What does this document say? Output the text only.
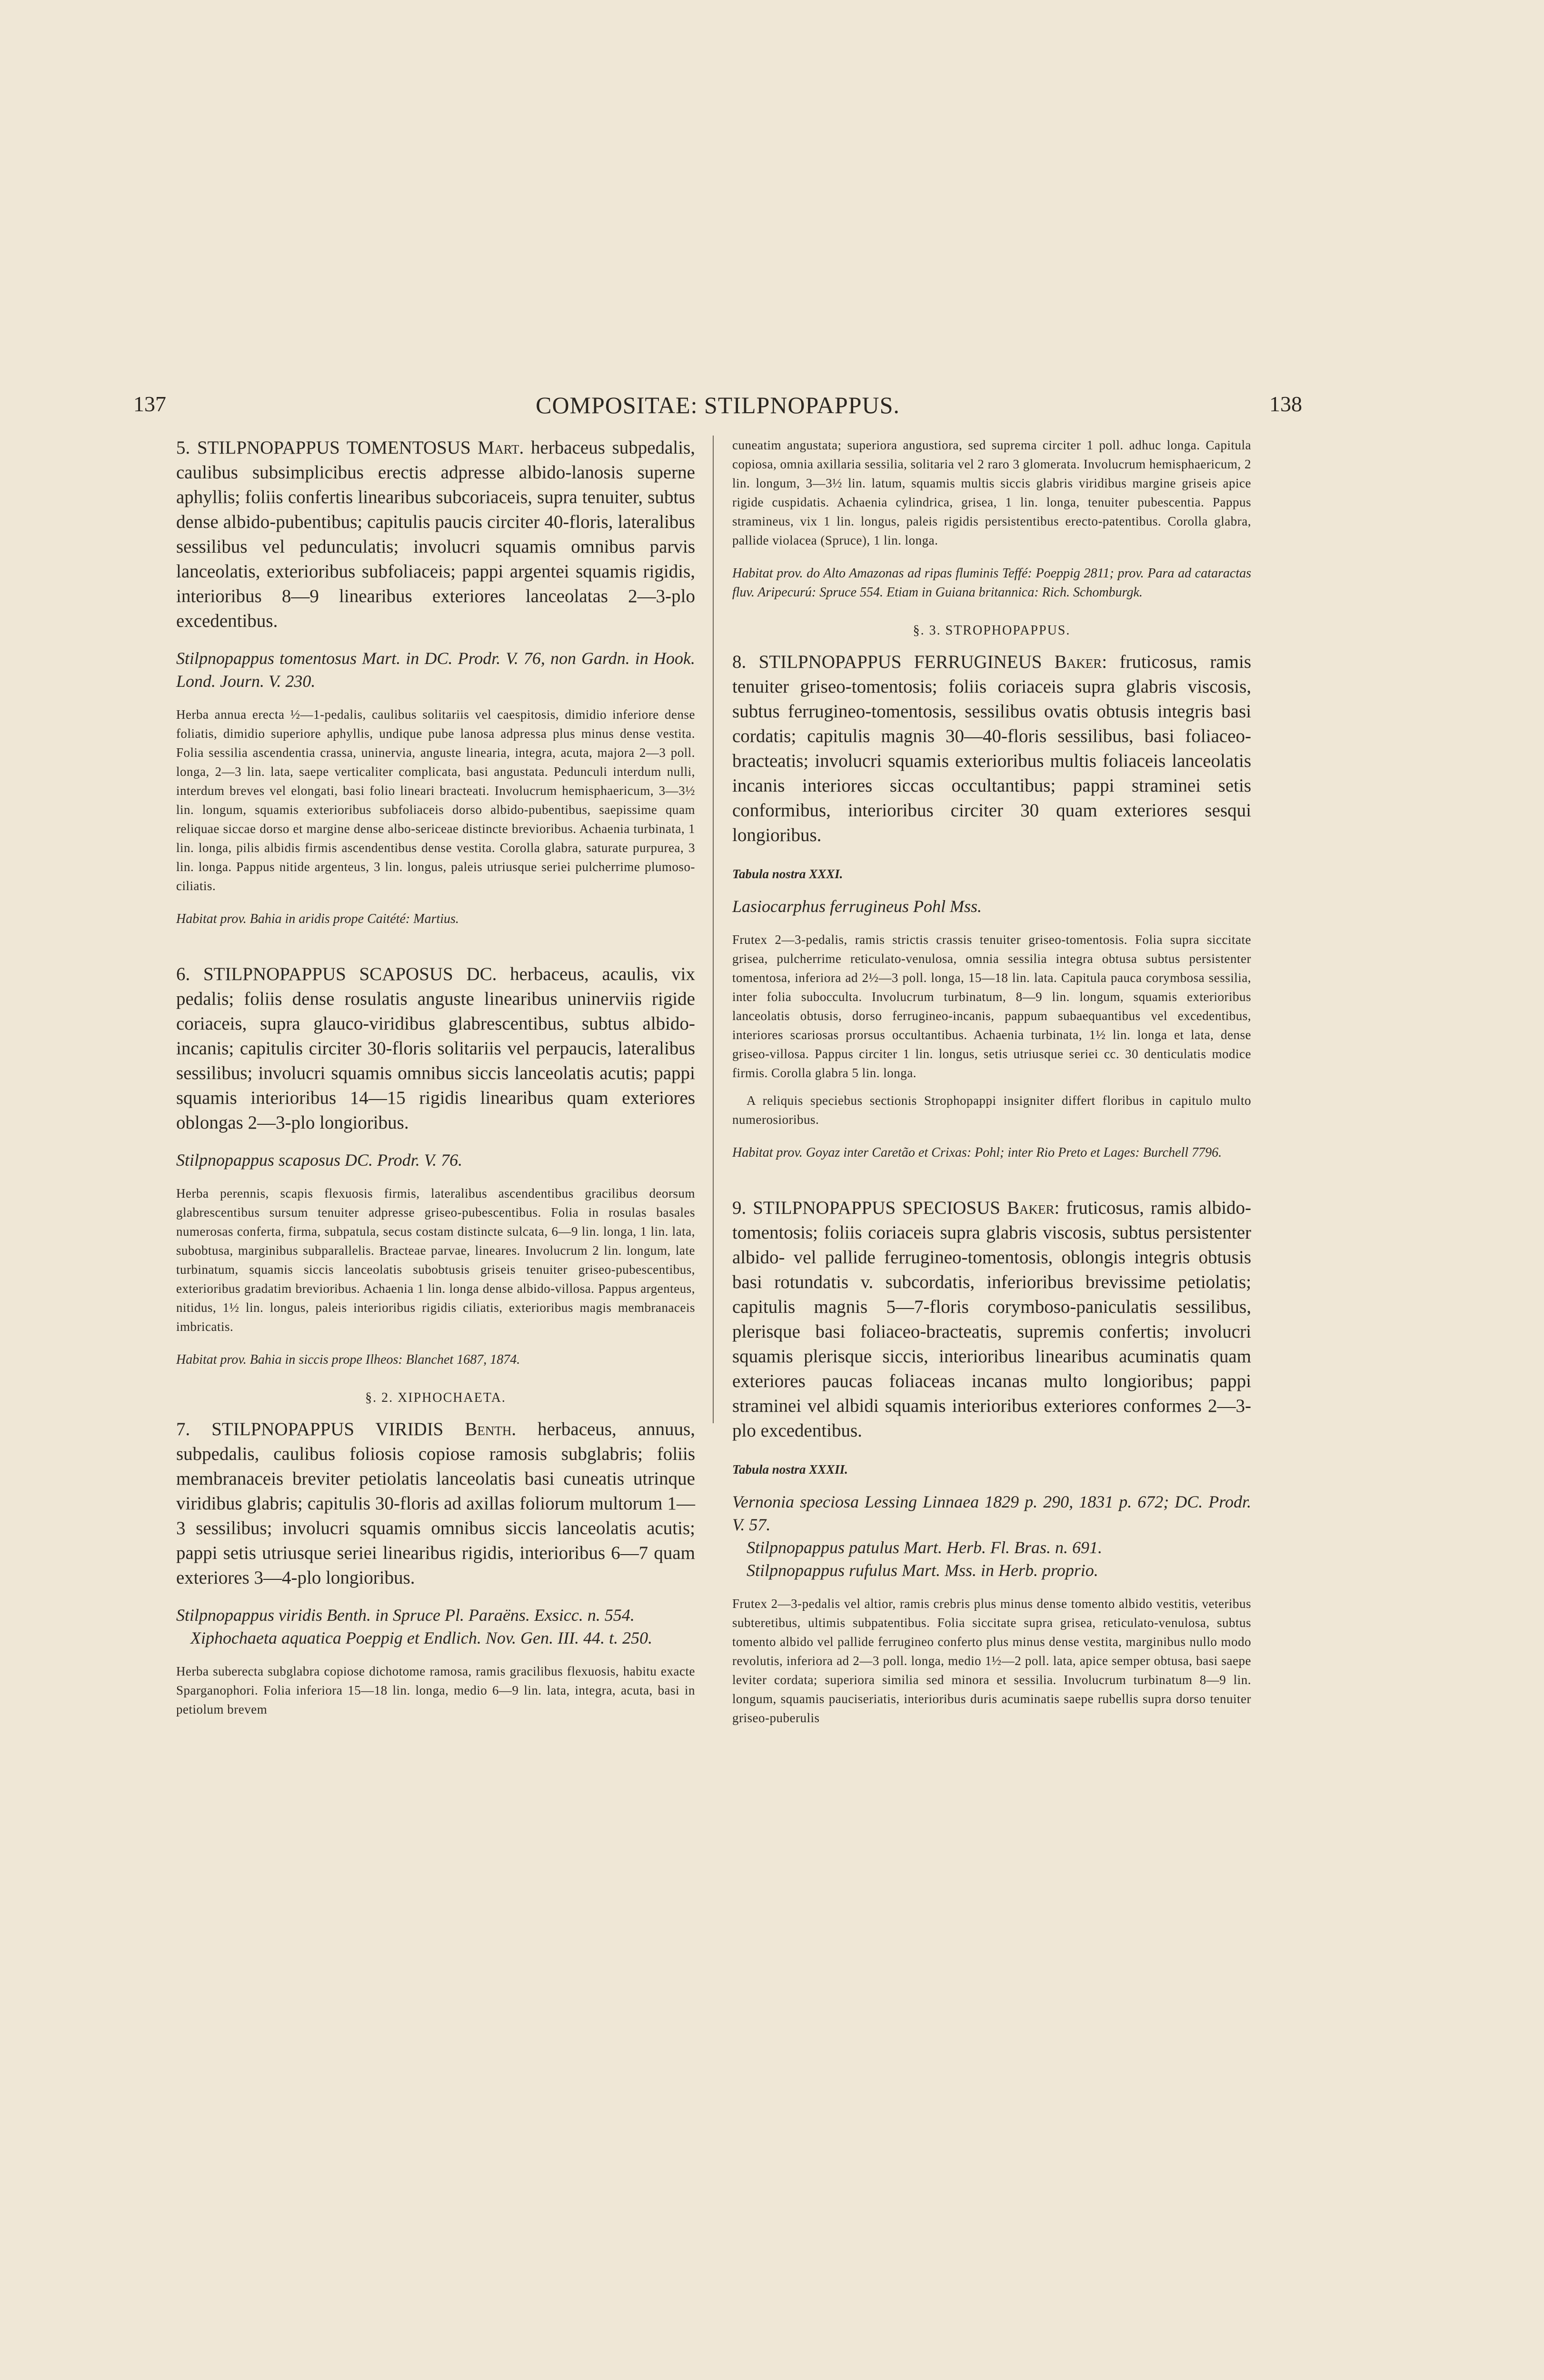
137	COMPOSITAE: STILPNOPAPPUS.	138

5. STILPNOPAPPUS TOMENTOSUS Mart. herbaceus subpedalis, caulibus subsimplicibus erectis adpresse albido-lanosis superne aphyllis; foliis confertis linearibus subcoriaceis, supra tenuiter, subtus dense albido-pubentibus; capitulis paucis circiter 40-floris, lateralibus sessilibus vel pedunculatis; involucri squamis omnibus parvis lanceolatis, exterioribus subfoliaceis; pappi argentei squamis rigidis, interioribus 8—9 linearibus exteriores lanceolatas 2—3-plo excedentibus.

Stilpnopappus tomentosus Mart. in DC. Prodr. V. 76, non Gardn. in Hook. Lond. Journ. V. 230.

Herba annua erecta ½—1-pedalis, caulibus solitariis vel caespitosis, dimidio inferiore dense foliatis, dimidio superiore aphyllis, undique pube lanosa adpressa plus minus dense vestita. Folia sessilia ascendentia crassa, uninervia, anguste linearia, integra, acuta, majora 2—3 poll. longa, 2—3 lin. lata, saepe verticaliter complicata, basi angustata. Pedunculi interdum nulli, interdum breves vel elongati, basi folio lineari bracteati. Involucrum hemisphaericum, 3—3½ lin. longum, squamis exterioribus subfoliaceis dorso albido-pubentibus, saepissime quam reliquae siccae dorso et margine dense albo-sericeae distincte brevioribus. Achaenia turbinata, 1 lin. longa, pilis albidis firmis ascendentibus dense vestita. Corolla glabra, saturate purpurea, 3 lin. longa. Pappus nitide argenteus, 3 lin. longus, paleis utriusque seriei pulcherrime plumoso-ciliatis.

Habitat prov. Bahia in aridis prope Caitété: Martius.

6. STILPNOPAPPUS SCAPOSUS DC. herbaceus, acaulis, vix pedalis; foliis dense rosulatis anguste linearibus uninerviis rigide coriaceis, supra glauco-viridibus glabrescentibus, subtus albido-incanis; capitulis circiter 30-floris solitariis vel perpaucis, lateralibus sessilibus; involucri squamis omnibus siccis lanceolatis acutis; pappi squamis interioribus 14—15 rigidis linearibus quam exteriores oblongas 2—3-plo longioribus.

Stilpnopappus scaposus DC. Prodr. V. 76.

Herba perennis, scapis flexuosis firmis, lateralibus ascendentibus gracilibus deorsum glabrescentibus sursum tenuiter adpresse griseo-pubescentibus. Folia in rosulas basales numerosas conferta, firma, subpatula, secus costam distincte sulcata, 6—9 lin. longa, 1 lin. lata, subobtusa, marginibus subparallelis. Bracteae parvae, lineares. Involucrum 2 lin. longum, late turbinatum, squamis siccis lanceolatis subobtusis griseis tenuiter griseo-pubescentibus, exterioribus gradatim brevioribus. Achaenia 1 lin. longa dense albido-villosa. Pappus argenteus, nitidus, 1½ lin. longus, paleis interioribus rigidis ciliatis, exterioribus magis membranaceis imbricatis.

Habitat prov. Bahia in siccis prope Ilheos: Blanchet 1687, 1874.

§. 2. XIPHOCHAETA.

7. STILPNOPAPPUS VIRIDIS Benth. herbaceus, annuus, subpedalis, caulibus foliosis copiose ramosis subglabris; foliis membranaceis breviter petiolatis lanceolatis basi cuneatis utrinque viridibus glabris; capitulis 30-floris ad axillas foliorum multorum 1—3 sessilibus; involucri squamis omnibus siccis lanceolatis acutis; pappi setis utriusque seriei linearibus rigidis, interioribus 6—7 quam exteriores 3—4-plo longioribus.

Stilpnopappus viridis Benth. in Spruce Pl. Paraëns. Exsicc. n. 554.

Xiphochaeta aquatica Poeppig et Endlich. Nov. Gen. III. 44. t. 250.

Herba suberecta subglabra copiose dichotome ramosa, ramis gracilibus flexuosis, habitu exacte Sparganophori. Folia inferiora 15—18 lin. longa, medio 6—9 lin. lata, integra, acuta, basi in petiolum brevem

cuneatim angustata; superiora angustiora, sed suprema circiter 1 poll. adhuc longa. Capitula copiosa, omnia axillaria sessilia, solitaria vel 2 raro 3 glomerata. Involucrum hemisphaericum, 2 lin. longum, 3—3½ lin. latum, squamis multis siccis glabris viridibus margine griseis apice rigide cuspidatis. Achaenia cylindrica, grisea, 1 lin. longa, tenuiter pubescentia. Pappus stramineus, vix 1 lin. longus, paleis rigidis persistentibus erecto-patentibus. Corolla glabra, pallide violacea (Spruce), 1 lin. longa.

Habitat prov. do Alto Amazonas ad ripas fluminis Teffé: Poeppig 2811; prov. Para ad cataractas fluv. Aripecurú: Spruce 554. Etiam in Guiana britannica: Rich. Schomburgk.

§. 3. STROPHOPAPPUS.

8. STILPNOPAPPUS FERRUGINEUS Baker: fruticosus, ramis tenuiter griseo-tomentosis; foliis coriaceis supra glabris viscosis, subtus ferrugineo-tomentosis, sessilibus ovatis obtusis integris basi cordatis; capitulis magnis 30—40-floris sessilibus, basi foliaceo-bracteatis; involucri squamis exterioribus multis foliaceis lanceolatis incanis interiores siccas occultantibus; pappi straminei setis conformibus, interioribus circiter 30 quam exteriores sesqui longioribus.

Tabula nostra XXXI.

Lasiocarphus ferrugineus Pohl Mss.

Frutex 2—3-pedalis, ramis strictis crassis tenuiter griseo-tomentosis. Folia supra siccitate grisea, pulcherrime reticulato-venulosa, omnia sessilia integra obtusa subtus persistenter tomentosa, inferiora ad 2½—3 poll. longa, 15—18 lin. lata. Capitula pauca corymbosa sessilia, inter folia subocculta. Involucrum turbinatum, 8—9 lin. longum, squamis exterioribus lanceolatis obtusis, dorso ferrugineo-incanis, pappum subaequantibus vel excedentibus, interiores scariosas prorsus occultantibus. Achaenia turbinata, 1½ lin. longa et lata, dense griseo-villosa. Pappus circiter 1 lin. longus, setis utriusque seriei cc. 30 denticulatis modice firmis. Corolla glabra 5 lin. longa.

A reliquis speciebus sectionis Strophopappi insigniter differt floribus in capitulo multo numerosioribus.

Habitat prov. Goyaz inter Caretão et Crixas: Pohl; inter Rio Preto et Lages: Burchell 7796.

9. STILPNOPAPPUS SPECIOSUS Baker: fruticosus, ramis albido-tomentosis; foliis coriaceis supra glabris viscosis, subtus persistenter albido- vel pallide ferrugineo-tomentosis, oblongis integris obtusis basi rotundatis v. subcordatis, inferioribus brevissime petiolatis; capitulis magnis 5—7-floris corymboso-paniculatis sessilibus, plerisque basi foliaceo-bracteatis, supremis confertis; involucri squamis plerisque siccis, interioribus linearibus acuminatis quam exteriores paucas foliaceas incanas multo longioribus; pappi straminei vel albidi squamis interioribus exteriores conformes 2—3-plo excedentibus.

Tabula nostra XXXII.

Vernonia speciosa Lessing Linnaea 1829 p. 290, 1831 p. 672; DC. Prodr. V. 57.

Stilpnopappus patulus Mart. Herb. Fl. Bras. n. 691.

Stilpnopappus rufulus Mart. Mss. in Herb. proprio.

Frutex 2—3-pedalis vel altior, ramis crebris plus minus dense tomento albido vestitis, veteribus subteretibus, ultimis subpatentibus. Folia siccitate supra grisea, reticulato-venulosa, subtus tomento albido vel pallide ferrugineo conferto plus minus dense vestita, marginibus nullo modo revolutis, inferiora ad 2—3 poll. longa, medio 1½—2 poll. lata, apice semper obtusa, basi saepe leviter cordata; superiora similia sed minora et sessilia. Involucrum turbinatum 8—9 lin. longum, squamis pauciseriatis, interioribus duris acuminatis saepe rubellis supra dorso tenuiter griseo-puberulis
